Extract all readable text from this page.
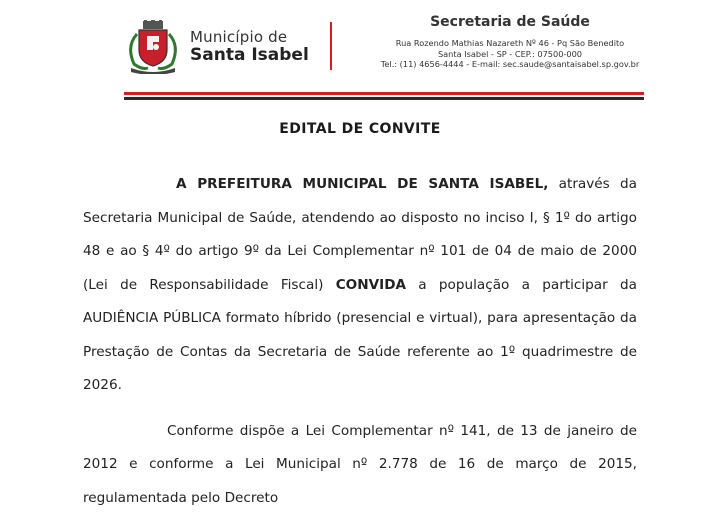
Município de
Santa Isabel
Secretaria de Saúde
Rua Rozendo Mathias Nazareth Nº 46 - Pq São Benedito
Santa Isabel - SP - CEP.: 07500-000
Tel.: (11) 4656-4444 - E-mail: sec.saude@santaisabel.sp.gov.br
EDITAL DE CONVITE

A PREFEITURA MUNICIPAL DE SANTA ISABEL, através da Secretaria Municipal de Saúde, atendendo ao disposto no inciso I, § 1º do artigo 48 e ao § 4º do artigo 9º da Lei Complementar nº 101 de 04 de maio de 2000 (Lei de Responsabilidade Fiscal) CONVIDA a população a participar da AUDIÊNCIA PÚBLICA formato híbrido (presencial e virtual), para apresentação da Prestação de Contas da Secretaria de Saúde referente ao 1º quadrimestre de 2026.

Conforme dispõe a Lei Complementar nº 141, de 13 de janeiro de 2012 e conforme a Lei Municipal nº 2.778 de 16 de março de 2015, regulamentada pelo Decreto
